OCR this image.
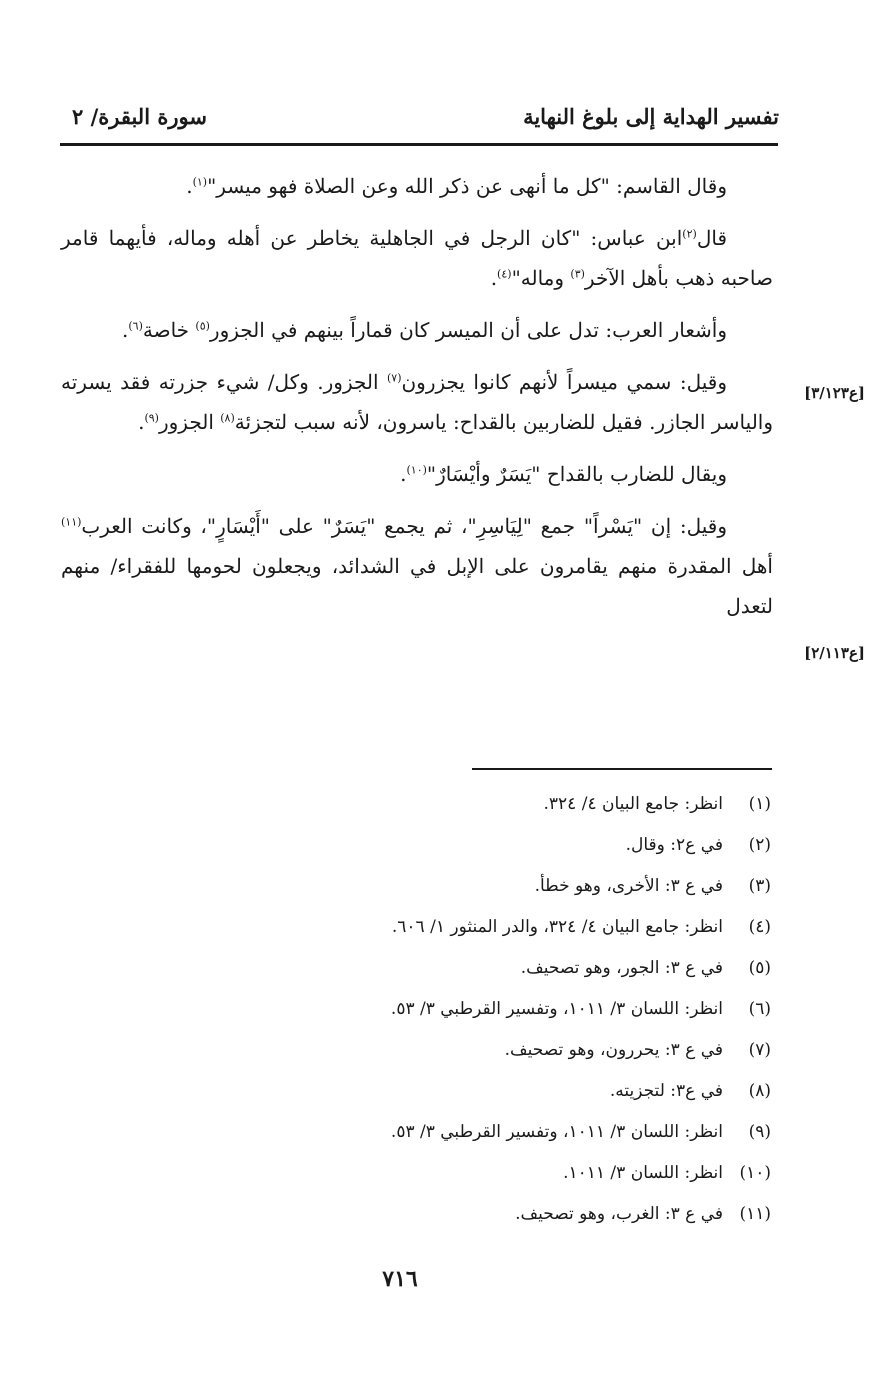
تفسير الهداية إلى بلوغ النهاية
سورة البقرة/ ٢

وقال القاسم: "كل ما أنهى عن ذكر الله وعن الصلاة فهو ميسر"$^{(١)}$.

قال$^{(٢)}$ابن عباس: "كان الرجل في الجاهلية يخاطر عن أهله وماله، فأيهما قامر صاحبه ذهب بأهل الآخر$^{(٣)}$ وماله"$^{(٤)}$.

وأشعار العرب: تدل على أن الميسر كان قماراً بينهم في الجزور$^{(٥)}$ خاصة$^{(٦)}$.

وقيل: سمي ميسراً لأنهم كانوا يجزرون$^{(٧)}$ الجزور. وكل/ شيء جزرته فقد يسرته والياسر الجازر. فقيل للضاربين بالقداح: ياسرون، لأنه سبب لتجزئة$^{(٨)}$ الجزور$^{(٩)}$.

ويقال للضارب بالقداح "يَسَرٌ وأيْسَارٌ"$^{(١٠)}$.

وقيل: إن "يَسْراً" جمع "لِيَاسِرِ"، ثم يجمع "يَسَرٌ" على "أَيْسَارٍ"، وكانت العرب$^{(١١)}$ أهل المقدرة منهم يقامرون على الإبل في الشدائد، ويجعلون لحومها للفقراء/ منهم لتعدل

[ع٣/١٢٣]
[ع٢/١١٣]
(١)
انظر: جامع البيان ٤/ ٣٢٤.
(٢)
في ع٢: وقال.
(٣)
في ع ٣: الأخرى، وهو خطأ.
(٤)
انظر: جامع البيان ٤/ ٣٢٤، والدر المنثور ١/ ٦٠٦.
(٥)
في ع ٣: الجور، وهو تصحيف.
(٦)
انظر: اللسان ٣/ ١٠١١، وتفسير القرطبي ٣/ ٥٣.
(٧)
في ع ٣: يحررون، وهو تصحيف.
(٨)
في ع٣: لتجزيته.
(٩)
انظر: اللسان ٣/ ١٠١١، وتفسير القرطبي ٣/ ٥٣.
(١٠)
انظر: اللسان ٣/ ١٠١١.
(١١)
في ع ٣: الغرب، وهو تصحيف.
٧١٦
